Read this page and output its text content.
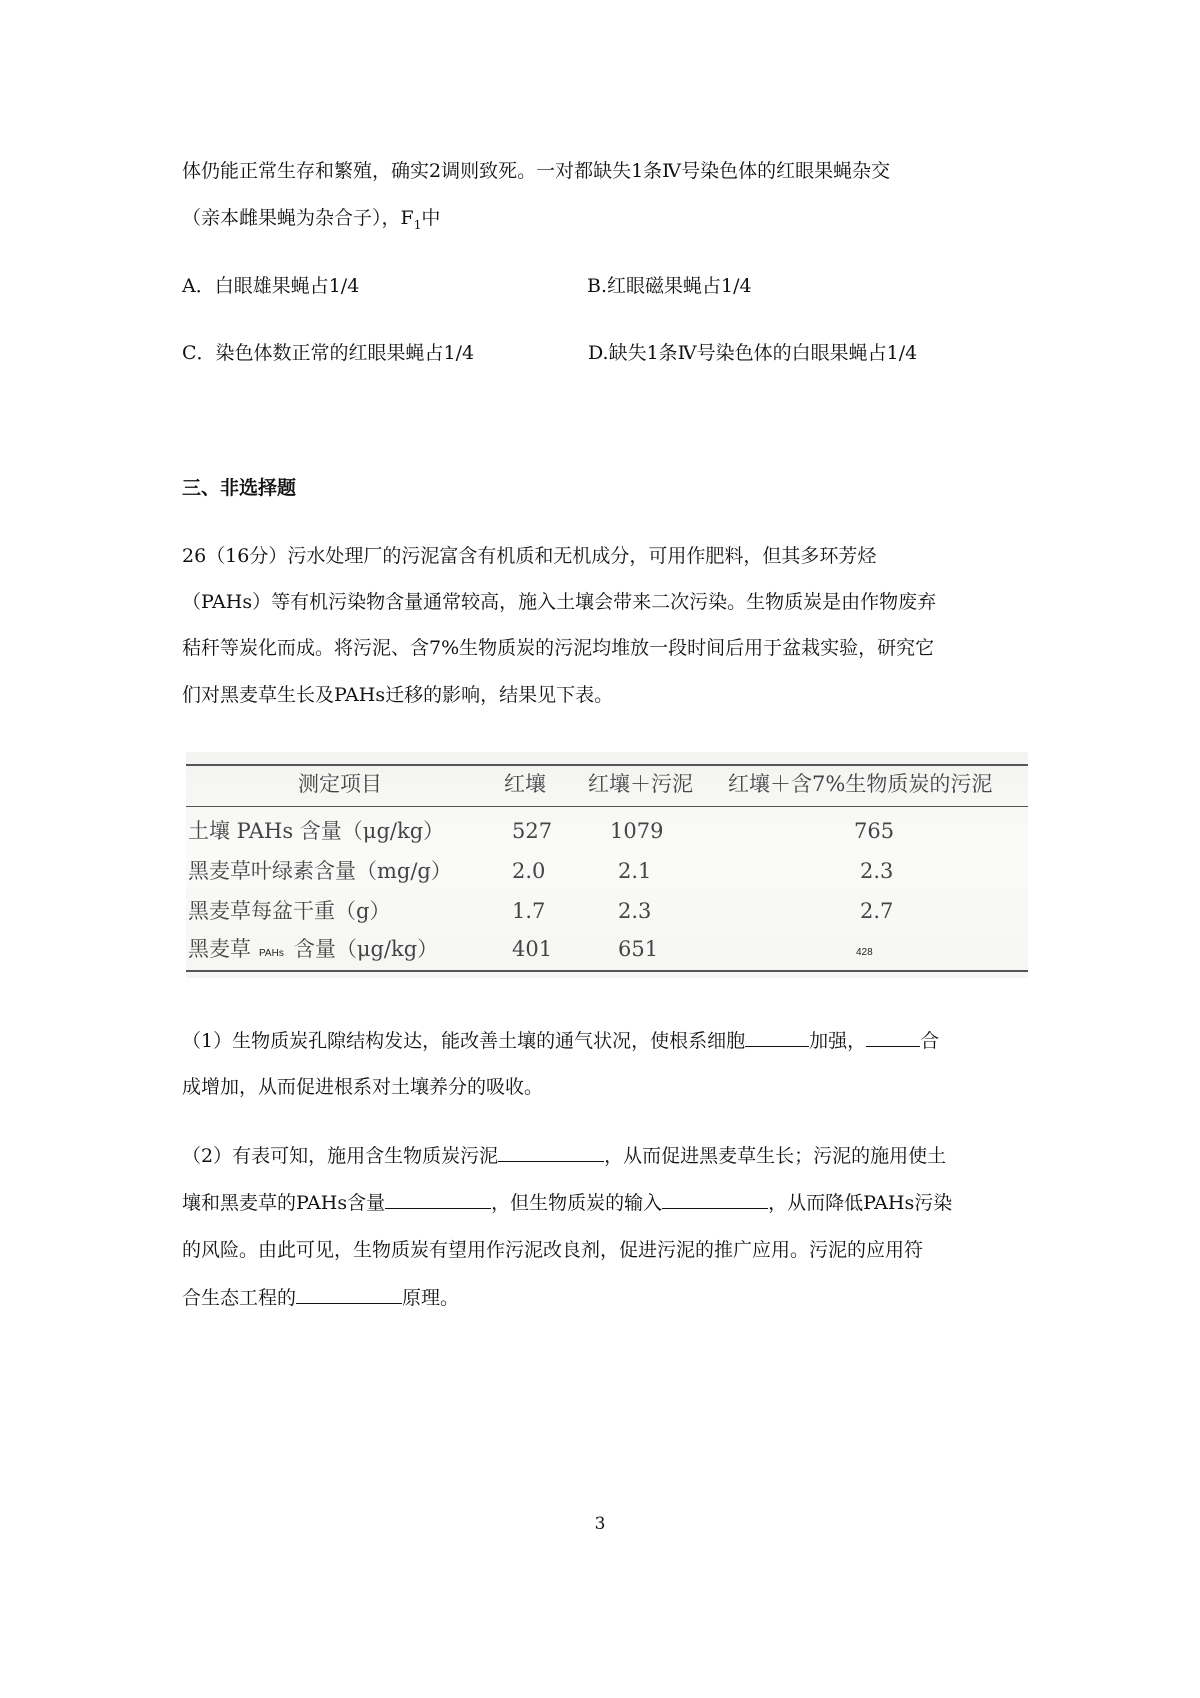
体仍能正常生存和繁殖，确实2调则致死。一对都缺失1条Ⅳ号染色体的红眼果蝇杂交
（亲本雌果蝇为杂合子），$F_1$中
A．白眼雄果蝇占1/4	B.红眼磁果蝇占1/4
C．染色体数正常的红眼果蝇占1/4	D.缺失1条Ⅳ号染色体的白眼果蝇占1/4
三、非选择题
26（16分）污水处理厂的污泥富含有机质和无机成分，可用作肥料，但其多环芳烃
（PAHs）等有机污染物含量通常较高，施入土壤会带来二次污染。生物质炭是由作物废弃
秸秆等炭化而成。将污泥、含7%生物质炭的污泥均堆放一段时间后用于盆栽实验，研究它
们对黑麦草生长及PAHs迁移的影响，结果见下表。
测定项目	红壤 红壤＋污泥 红壤＋含7%生物质炭的污泥
土壤 PAHs 含量（μg/kg）	527	1079	765
黑麦草叶绿素含量（mg/g）	2.0	2.1	2.3
黑麦草每盆干重（g）	1.7	2.3	2.7
黑麦草 PAHs 含量（μg/kg）	401	651	428
（1）生物质炭孔隙结构发达，能改善土壤的通气状况，使根系细胞	加强，	合
成增加，从而促进根系对土壤养分的吸收。
（2）有表可知，施用含生物质炭污泥	，从而促进黑麦草生长；污泥的施用使土
壤和黑麦草的PAHs含量	，但生物质炭的输入	，从而降低PAHs污染
的风险。由此可见，生物质炭有望用作污泥改良剂，促进污泥的推广应用。污泥的应用符
合生态工程的	原理。
3
